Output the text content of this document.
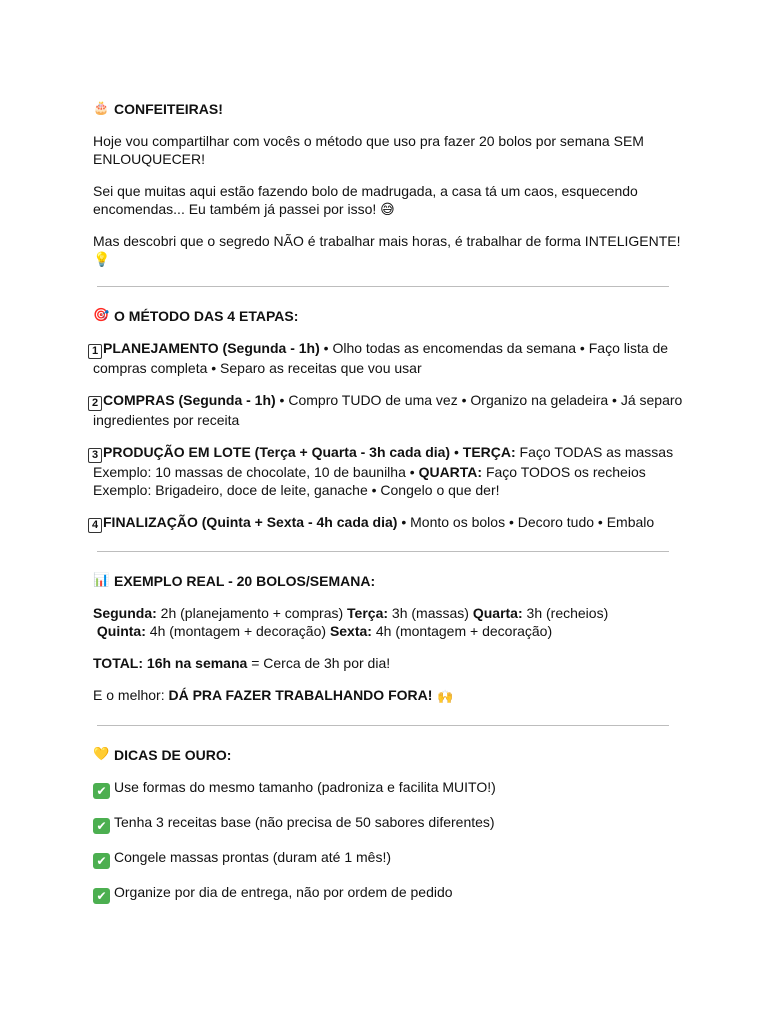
🎂 CONFEITEIRAS!

Hoje vou compartilhar com vocês o método que uso pra fazer 20 bolos por semana SEM ENLOUQUECER!

Sei que muitas aqui estão fazendo bolo de madrugada, a casa tá um caos, esquecendo encomendas... Eu também já passei por isso! 😅

Mas descobri que o segredo NÃO é trabalhar mais horas, é trabalhar de forma INTELIGENTE! 💡

🎯 O MÉTODO DAS 4 ETAPAS:

1 PLANEJAMENTO (Segunda - 1h) • Olho todas as encomendas da semana • Faço lista de compras completa • Separo as receitas que vou usar

2 COMPRAS (Segunda - 1h) • Compro TUDO de uma vez • Organizo na geladeira • Já separo ingredientes por receita

3 PRODUÇÃO EM LOTE (Terça + Quarta - 3h cada dia) • TERÇA: Faço TODAS as massas Exemplo: 10 massas de chocolate, 10 de baunilha • QUARTA: Faço TODOS os recheios Exemplo: Brigadeiro, doce de leite, ganache • Congelo o que der!

4 FINALIZAÇÃO (Quinta + Sexta - 4h cada dia) • Monto os bolos • Decoro tudo • Embalo

📊 EXEMPLO REAL - 20 BOLOS/SEMANA:

Segunda: 2h (planejamento + compras) Terça: 3h (massas) Quarta: 3h (recheios)
Quinta: 4h (montagem + decoração) Sexta: 4h (montagem + decoração)

TOTAL: 16h na semana = Cerca de 3h por dia!

E o melhor: DÁ PRA FAZER TRABALHANDO FORA! 🙌

💛 DICAS DE OURO:

✔ Use formas do mesmo tamanho (padroniza e facilita MUITO!)

✔ Tenha 3 receitas base (não precisa de 50 sabores diferentes)

✔ Congele massas prontas (duram até 1 mês!)

✔ Organize por dia de entrega, não por ordem de pedido
